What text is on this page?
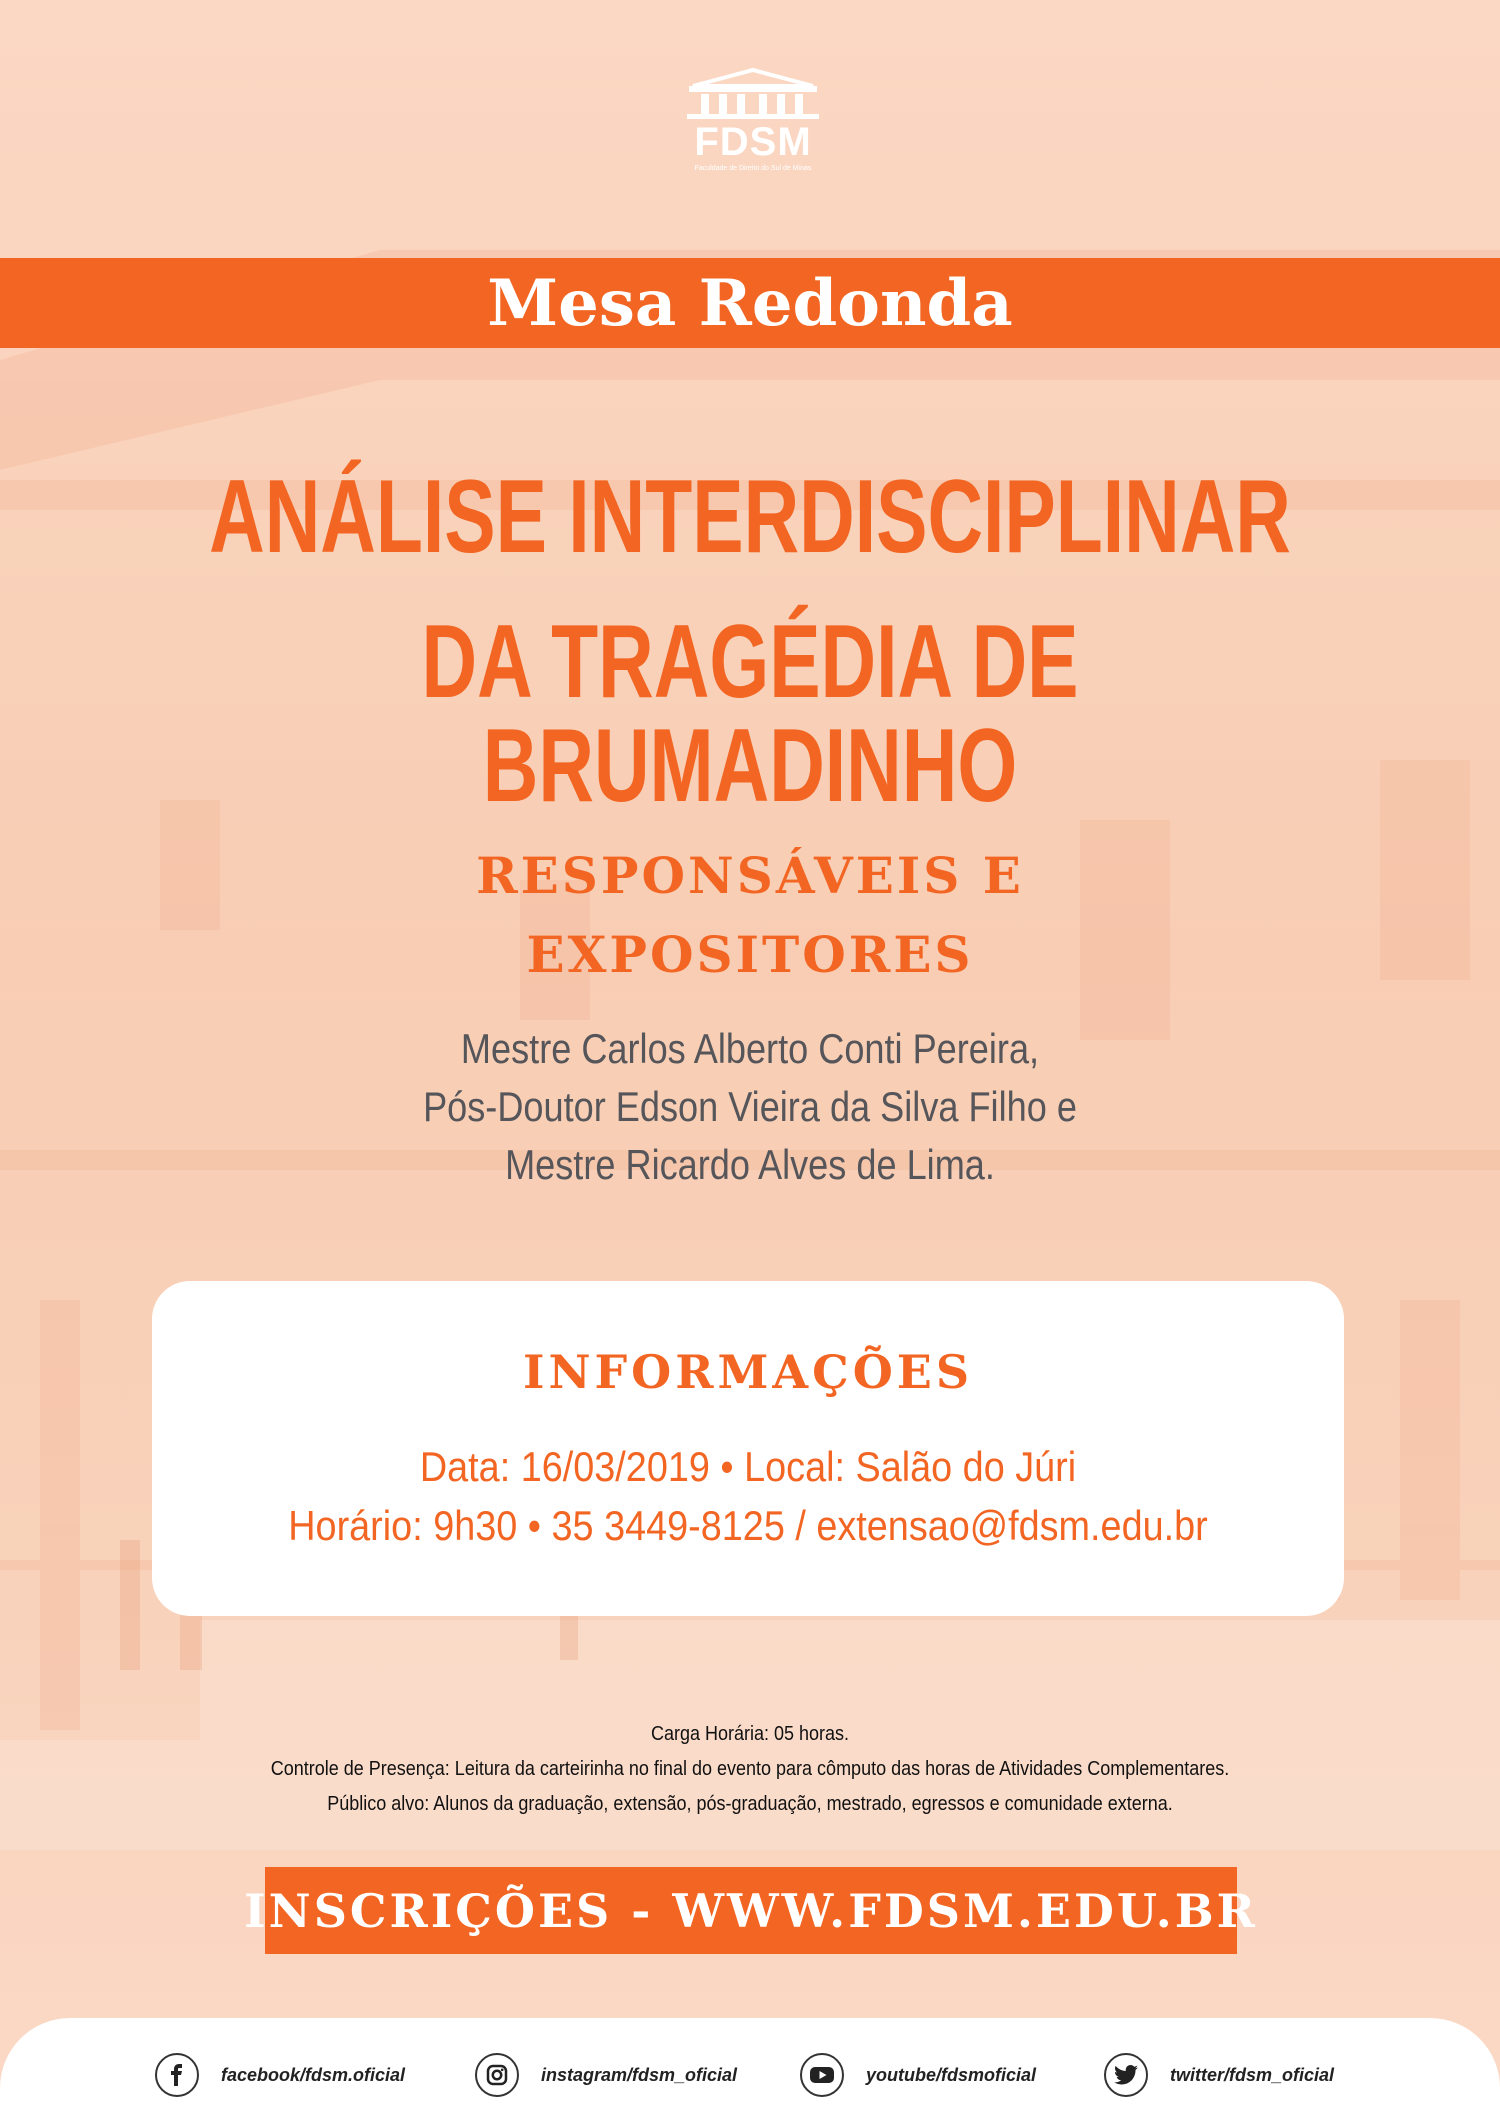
FDSM
Faculdade de Direito do Sul de Minas
Mesa Redonda
ANÁLISE INTERDISCIPLINAR
DA TRAGÉDIA DE BRUMADINHO
RESPONSÁVEIS E
EXPOSITORES
Mestre Carlos Alberto Conti Pereira,
Pós-Doutor Edson Vieira da Silva Filho e
Mestre Ricardo Alves de Lima.
INFORMAÇÕES
Data: 16/03/2019 • Local: Salão do Júri
Horário: 9h30 • 35 3449-8125 / extensao@fdsm.edu.br
Carga Horária: 05 horas.
Controle de Presença: Leitura da carteirinha no final do evento para cômputo das horas de Atividades Complementares.
Público alvo: Alunos da graduação, extensão, pós-graduação, mestrado, egressos e comunidade externa.
INSCRIÇÕES - WWW.FDSM.EDU.BR
facebook/fdsm.oficial	instagram/fdsm_oficial	youtube/fdsmoficial	twitter/fdsm_oficial
